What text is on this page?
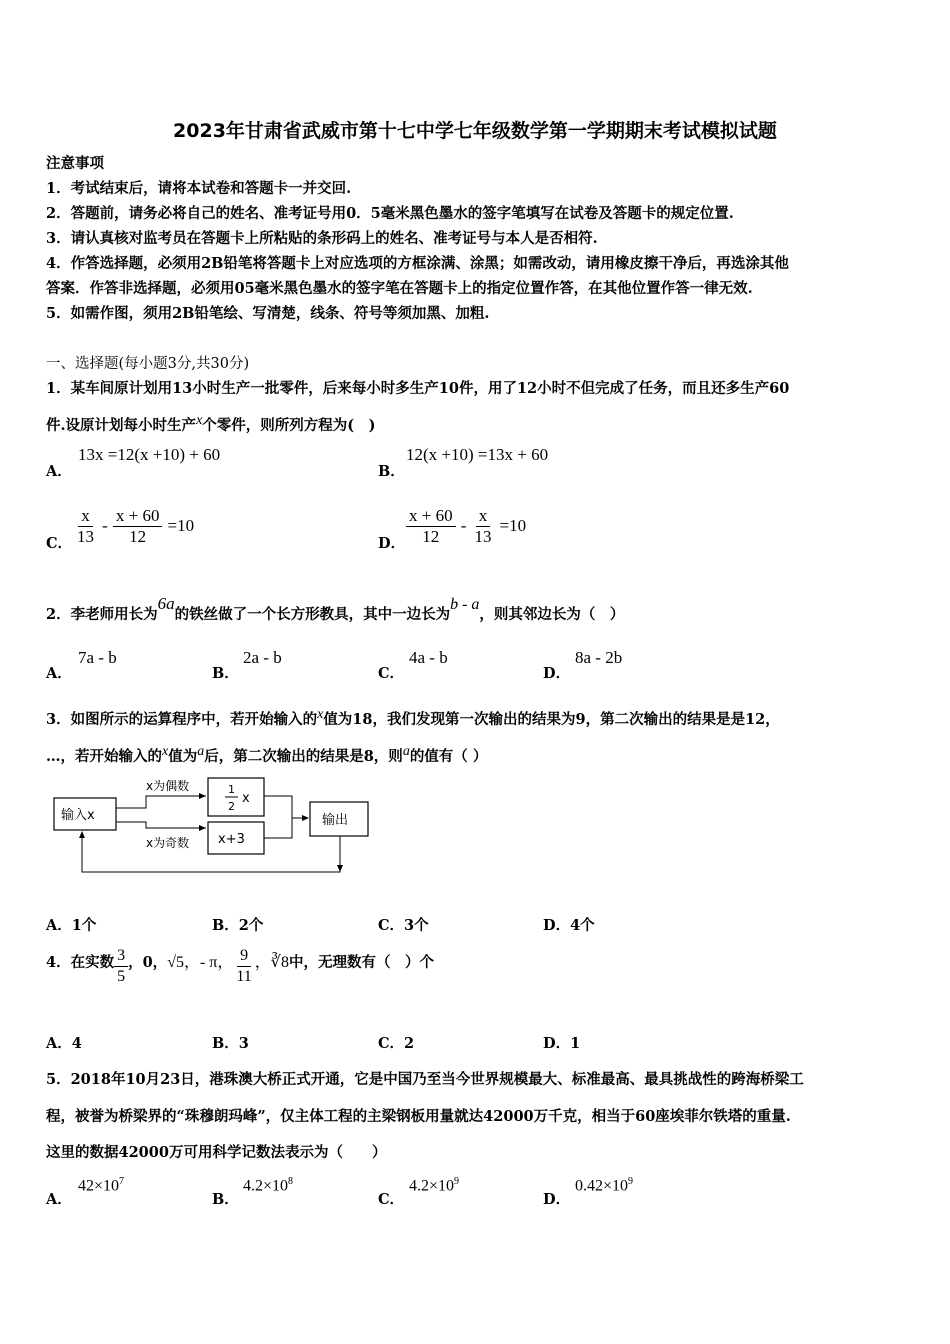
2023年甘肃省武威市第十七中学七年级数学第一学期期末考试模拟试题
注意事项
1．考试结束后，请将本试卷和答题卡一并交回.
2．答题前，请务必将自己的姓名、准考证号用0．5毫米黑色墨水的签字笔填写在试卷及答题卡的规定位置.
3．请认真核对监考员在答题卡上所粘贴的条形码上的姓名、准考证号与本人是否相符.
4．作答选择题，必须用2B铅笔将答题卡上对应选项的方框涂满、涂黑；如需改动，请用橡皮擦干净后，再选涂其他
答案．作答非选择题，必须用05毫米黑色墨水的签字笔在答题卡上的指定位置作答，在其他位置作答一律无效.
5．如需作图，须用2B铅笔绘、写清楚，线条、符号等须加黑、加粗.
一、选择题(每小题3分,共30分)
1．某车间原计划用13小时生产一批零件，后来每小时多生产10件，用了12小时不但完成了任务，而且还多生产60
件.设原计划每小时生产x个零件，则所列方程为(　)
A．
13x =12(x +10) + 60
B．
12(x +10) =13x + 60
C． $\frac{x}{13} - \frac{x + 60}{12} =10$
D． $\frac{x + 60}{12} - \frac{x}{13} =10$
2．李老师用长为6a的铁丝做了一个长方形教具，其中一边长为b - a，则其邻边长为（　）
A．
7a - b
B．
2a - b
C．
4a - b
D．
8a - 2b
3．如图所示的运算程序中，若开始输入的x值为18，我们发现第一次输出的结果为9，第二次输出的结果是是12，
…，若开始输入的x值为a后，第二次输出的结果是8，则a的值有（ ）
输入x
1
2
x
x+3
输出
x为偶数
x为奇数
A．1个	B．2个	C．3个	D．4个
4．在实数 $\frac{3}{5}$ ，0，√5，- π， $\frac{9}{11}$ ，∛8中，无理数有（　）个
A．4	B．3	C．2	D．1
5．2018年10月23日，港珠澳大桥正式开通，它是中国乃至当今世界规模最大、标准最高、最具挑战性的跨海桥梁工
程，被誉为桥梁界的“珠穆朗玛峰”，仅主体工程的主梁钢板用量就达42000万千克，相当于60座埃菲尔铁塔的重量.
这里的数据42000万可用科学记数法表示为（　　）
A．
$42\times 10^7$
B．
$4.2\times 10^8$
C．
$4.2\times 10^9$
D．
$0.42\times 10^9$
